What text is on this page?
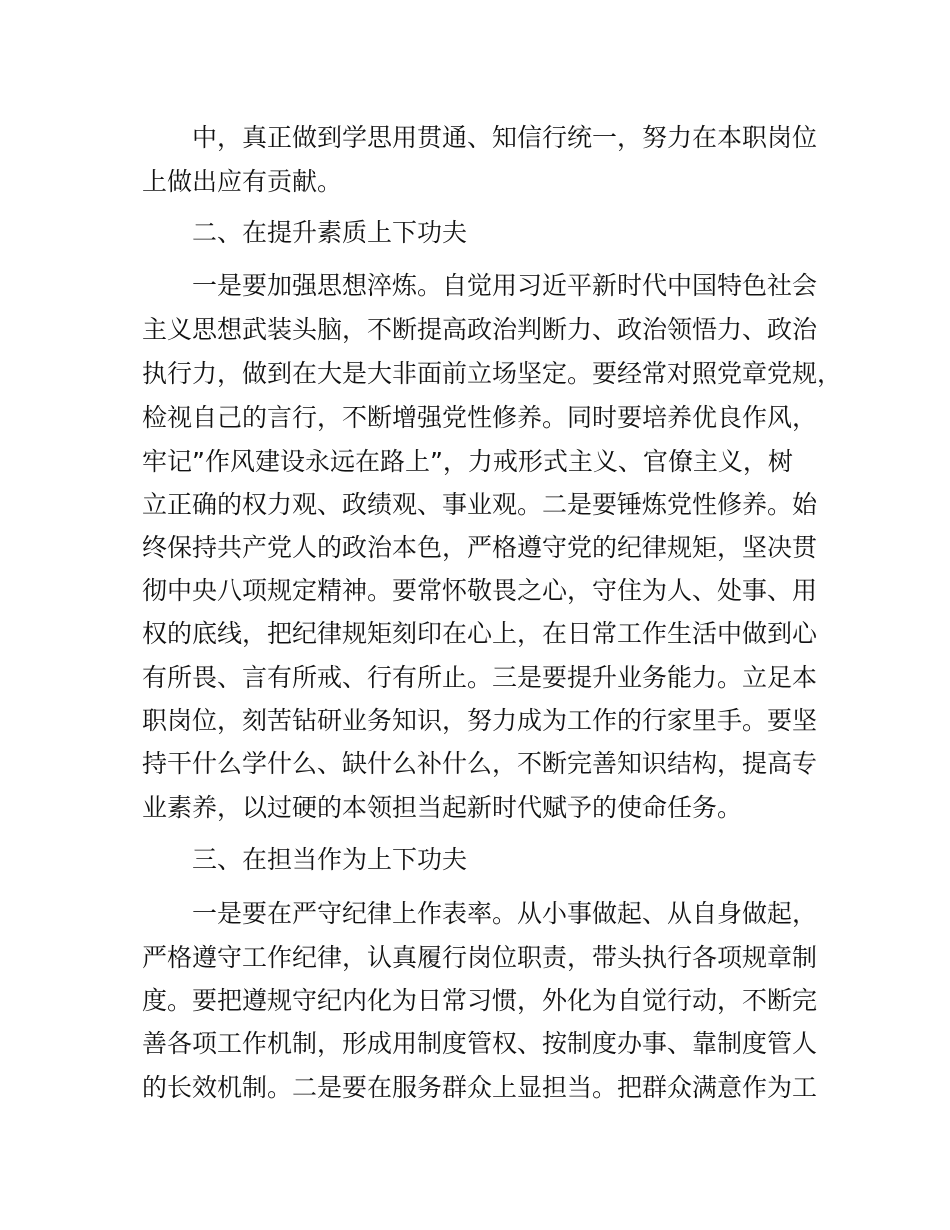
中，真正做到学思用贯通、知信行统一，努力在本职岗位
上做出应有贡献。
二、在提升素质上下功夫
一是要加强思想淬炼。自觉用习近平新时代中国特色社会
主义思想武装头脑，不断提高政治判断力、政治领悟力、政治
执行力，做到在大是大非面前立场坚定。要经常对照党章党规，
检视自己的言行，不断增强党性修养。同时要培养优良作风，
牢记”作风建设永远在路上”，力戒形式主义、官僚主义，树
立正确的权力观、政绩观、事业观。二是要锤炼党性修养。始
终保持共产党人的政治本色，严格遵守党的纪律规矩，坚决贯
彻中央八项规定精神。要常怀敬畏之心，守住为人、处事、用
权的底线，把纪律规矩刻印在心上，在日常工作生活中做到心
有所畏、言有所戒、行有所止。三是要提升业务能力。立足本
职岗位，刻苦钻研业务知识，努力成为工作的行家里手。要坚
持干什么学什么、缺什么补什么，不断完善知识结构，提高专
业素养，以过硬的本领担当起新时代赋予的使命任务。
三、在担当作为上下功夫
一是要在严守纪律上作表率。从小事做起、从自身做起，
严格遵守工作纪律，认真履行岗位职责，带头执行各项规章制
度。要把遵规守纪内化为日常习惯，外化为自觉行动，不断完
善各项工作机制，形成用制度管权、按制度办事、靠制度管人
的长效机制。二是要在服务群众上显担当。把群众满意作为工
